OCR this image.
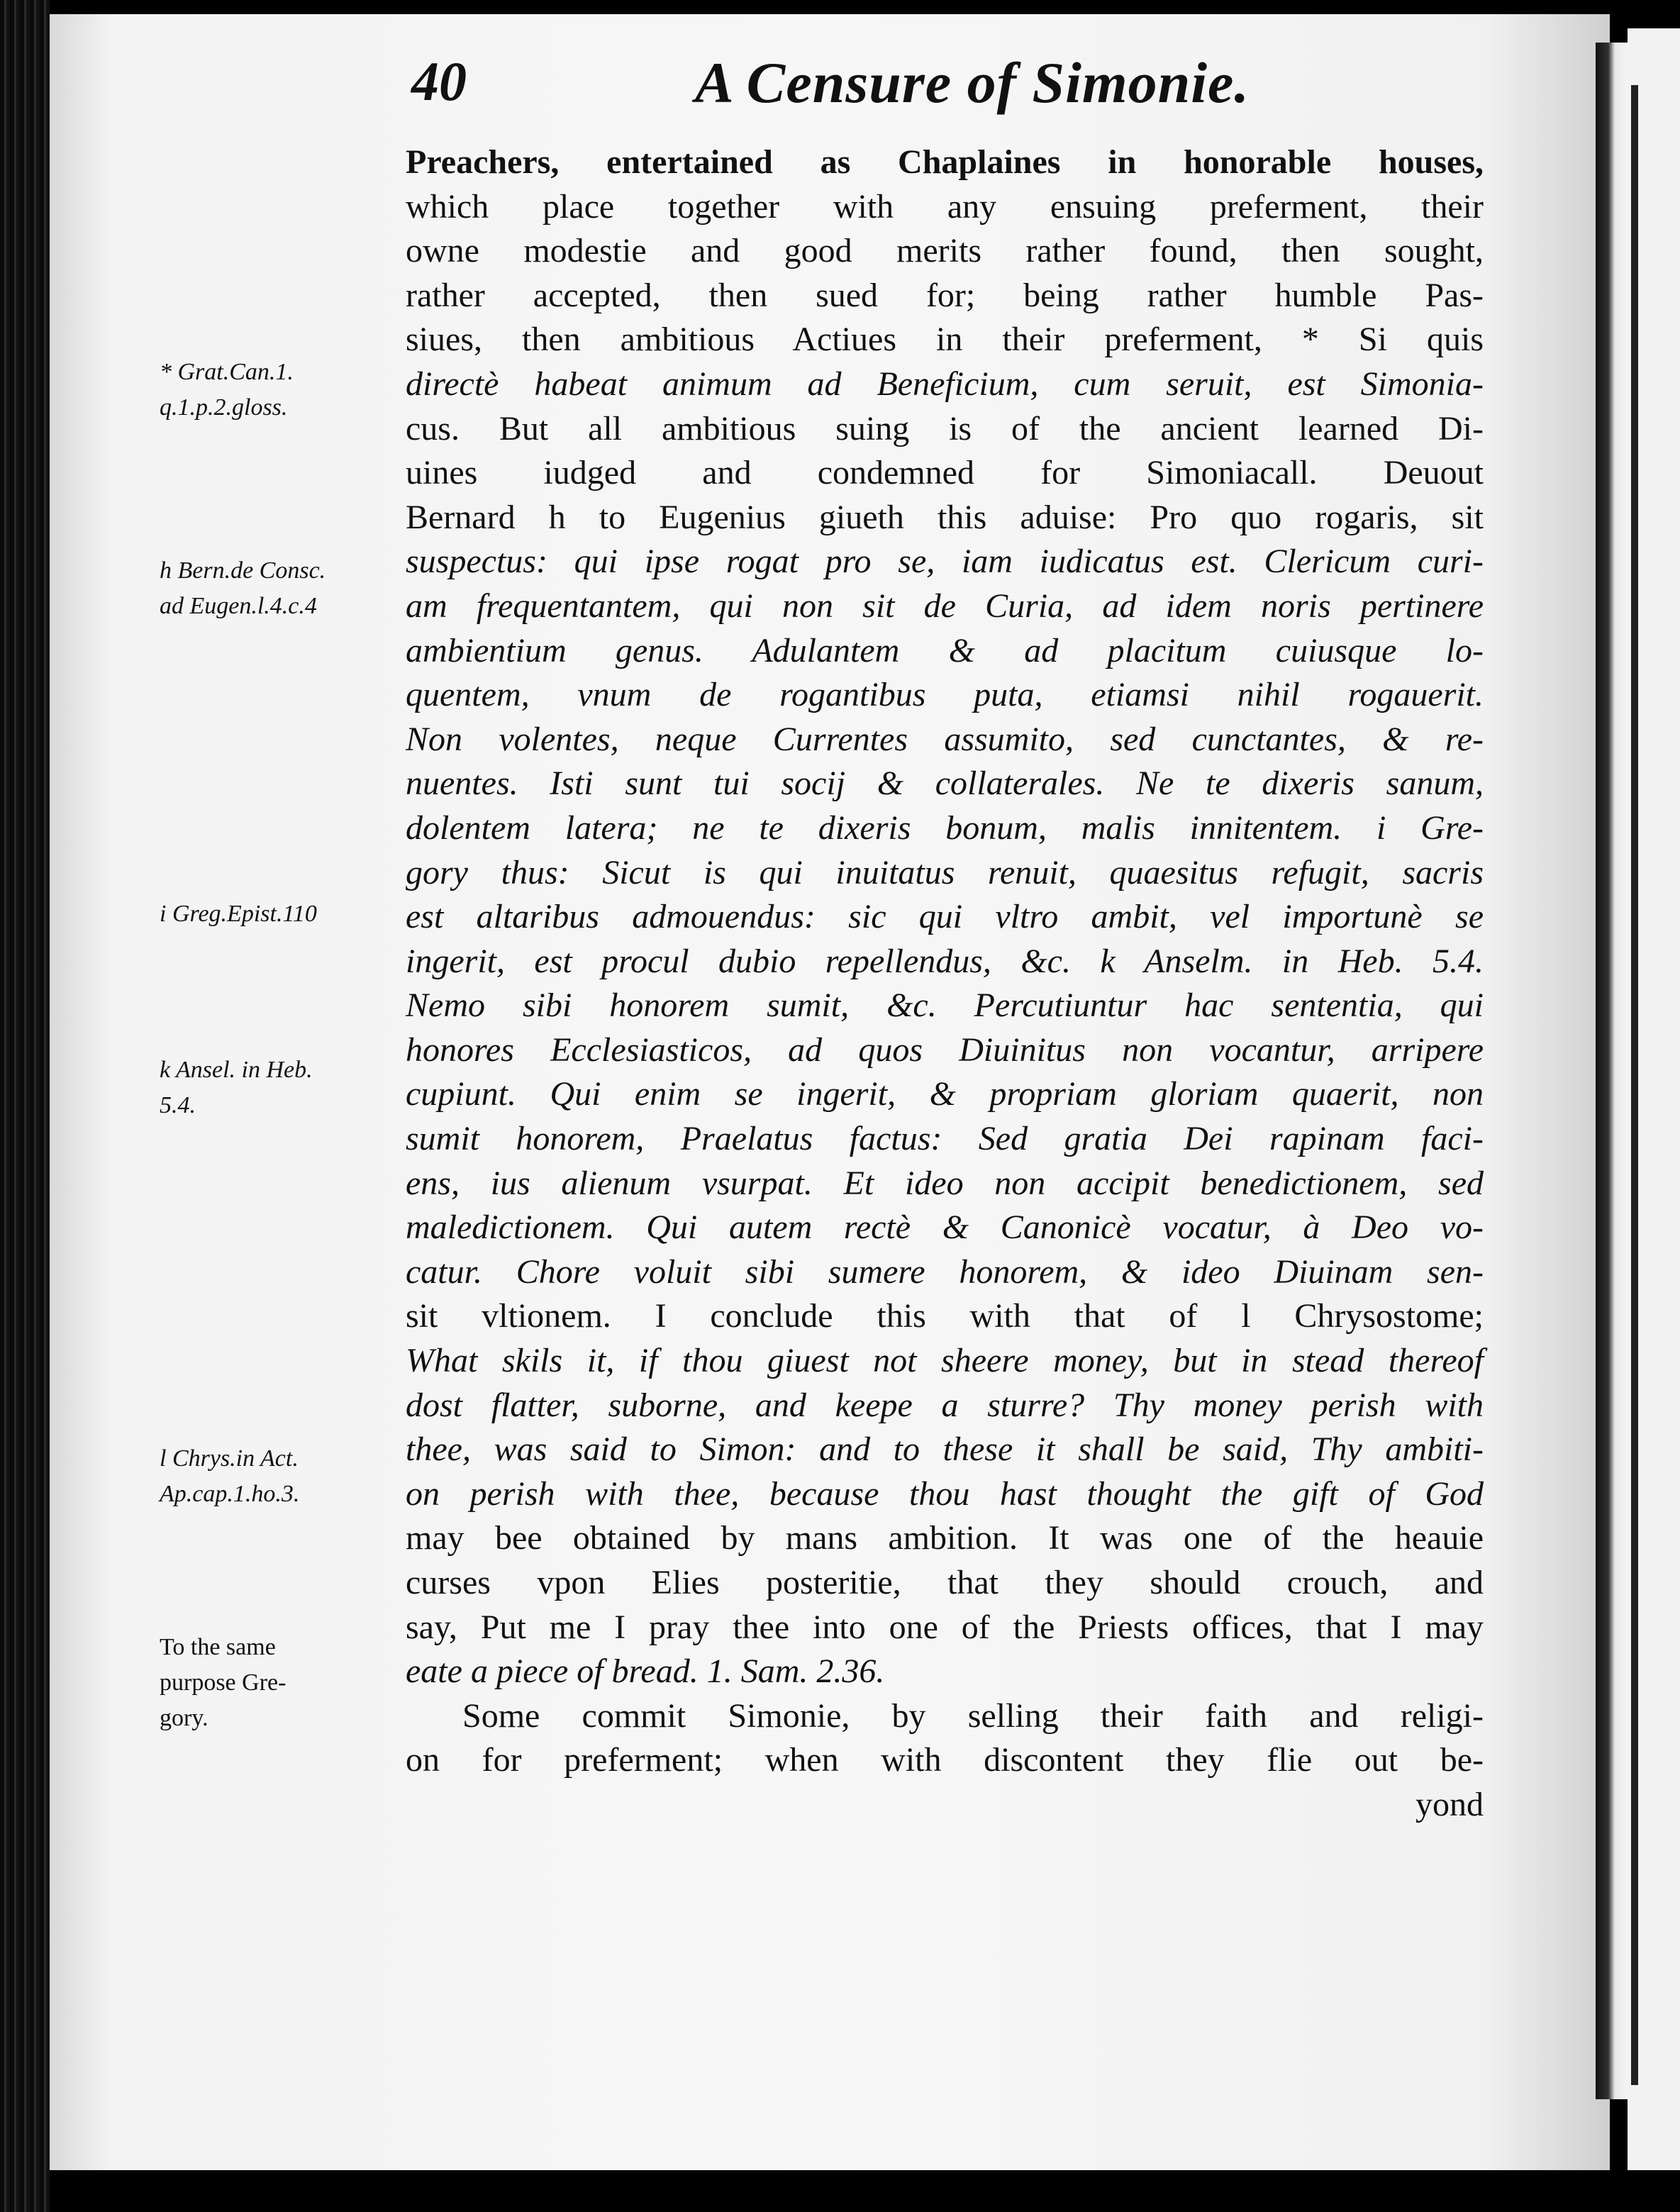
40	A Censure of Simonie.
* Grat.Can.1.
q.1.p.2.gloss.
h Bern.de Consc.
ad Eugen.l.4.c.4
i Greg.Epist.110
k Ansel. in Heb.
5.4.
l Chrys.in Act.
Ap.cap.1.ho.3.
To the same
purpose Gre-
gory.
Preachers, entertained as Chaplaines in honorable houses,
which place together with any ensuing preferment, their
owne modestie and good merits rather found, then sought,
rather accepted, then sued for; being rather humble Pas-
siues, then ambitious Actiues in their preferment, * Si quis
directè habeat animum ad Beneficium, cum seruit, est Simonia-
cus. But all ambitious suing is of the ancient learned Di-
uines iudged and condemned for Simoniacall. Deuout
Bernard h to Eugenius giueth this aduise: Pro quo rogaris, sit
suspectus: qui ipse rogat pro se, iam iudicatus est. Clericum curi-
am frequentantem, qui non sit de Curia, ad idem noris pertinere
ambientium genus. Adulantem & ad placitum cuiusque lo-
quentem, vnum de rogantibus puta, etiamsi nihil rogauerit.
Non volentes, neque Currentes assumito, sed cunctantes, & re-
nuentes. Isti sunt tui socij & collaterales. Ne te dixeris sanum,
dolentem latera; ne te dixeris bonum, malis innitentem. i Gre-
gory thus: Sicut is qui inuitatus renuit, quaesitus refugit, sacris
est altaribus admouendus: sic qui vltro ambit, vel importunè se
ingerit, est procul dubio repellendus, &c. k Anselm. in Heb. 5.4.
Nemo sibi honorem sumit, &c. Percutiuntur hac sententia, qui
honores Ecclesiasticos, ad quos Diuinitus non vocantur, arripere
cupiunt. Qui enim se ingerit, & propriam gloriam quaerit, non
sumit honorem, Praelatus factus: Sed gratia Dei rapinam faci-
ens, ius alienum vsurpat. Et ideo non accipit benedictionem, sed
maledictionem. Qui autem rectè & Canonicè vocatur, à Deo vo-
catur. Chore voluit sibi sumere honorem, & ideo Diuinam sen-
sit vltionem. I conclude this with that of l Chrysostome;
What skils it, if thou giuest not sheere money, but in stead thereof
dost flatter, suborne, and keepe a sturre? Thy money perish with
thee, was said to Simon: and to these it shall be said, Thy ambiti-
on perish with thee, because thou hast thought the gift of God
may bee obtained by mans ambition. It was one of the heauie
curses vpon Elies posteritie, that they should crouch, and
say, Put me I pray thee into one of the Priests offices, that I may
eate a piece of bread. 1. Sam. 2.36.
Some commit Simonie, by selling their faith and religi-
on for preferment; when with discontent they flie out be-
yond
